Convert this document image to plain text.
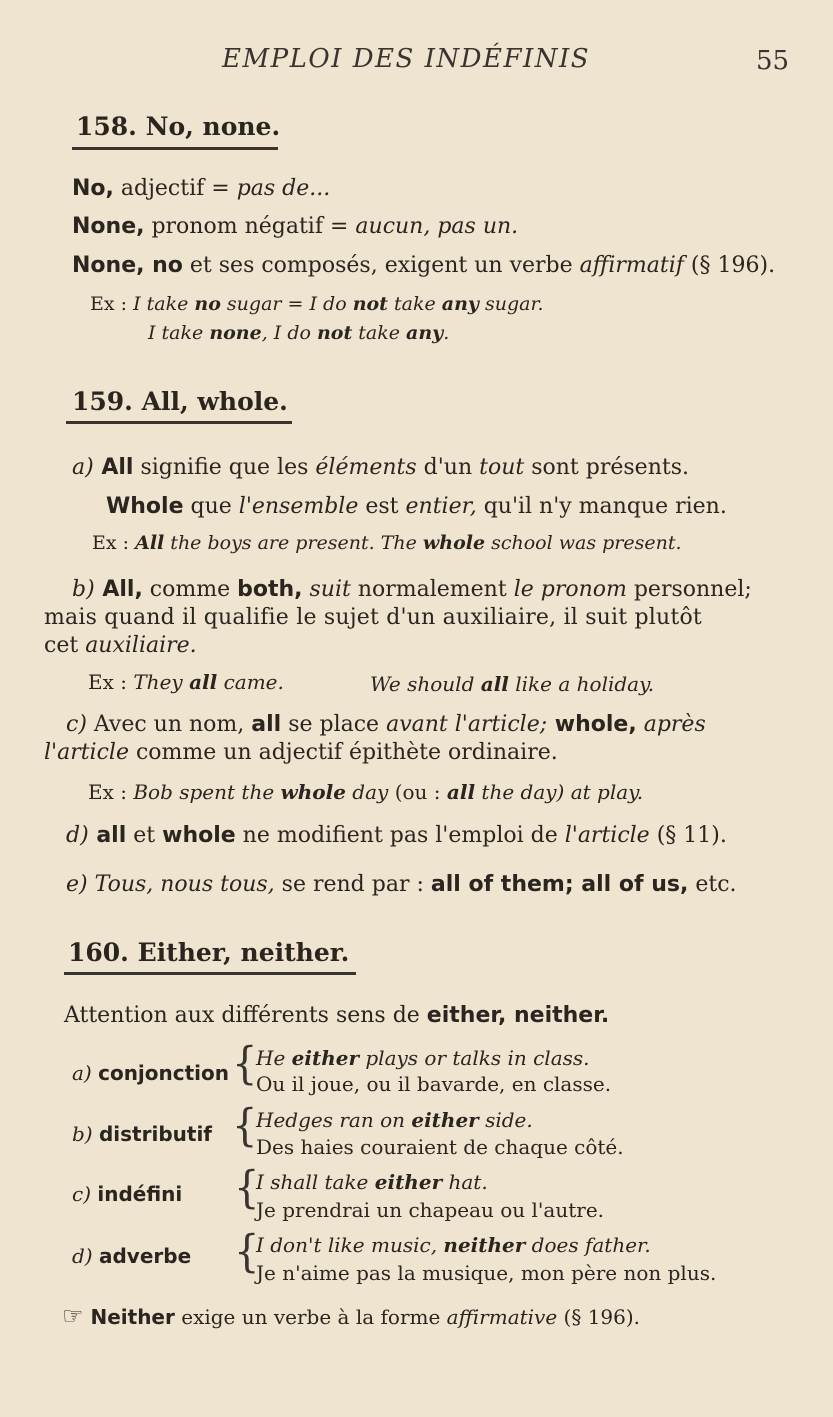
EMPLOI DES INDÉFINIS	55
158. No, none.
No, adjectif = pas de...
None, pronom négatif = aucun, pas un.
None, no et ses composés, exigent un verbe affirmatif (§ 196).
Ex : I take no sugar = I do not take any sugar.
I take none, I do not take any.
159. All, whole.
a) All signifie que les éléments d'un tout sont présents.
Whole que l'ensemble est entier, qu'il n'y manque rien.
Ex : All the boys are present. The whole school was present.
b) All, comme both, suit normalement le pronom personnel;
mais quand il qualifie le sujet d'un auxiliaire, il suit plutôt
cet auxiliaire.
Ex : They all came.	We should all like a holiday.
c) Avec un nom, all se place avant l'article; whole, après
l'article comme un adjectif épithète ordinaire.
Ex : Bob spent the whole day (ou : all the day) at play.
d) all et whole ne modifient pas l'emploi de l'article (§ 11).
e) Tous, nous tous, se rend par : all of them; all of us, etc.
160. Either, neither.
Attention aux différents sens de either, neither.
a) conjonction {
He either plays or talks in class.
Ou il joue, ou il bavarde, en classe.
b) distributif {
Hedges ran on either side.
Des haies couraient de chaque côté.
c) indéfini {
I shall take either hat.
Je prendrai un chapeau ou l'autre.
d) adverbe {
I don't like music, neither does father.
Je n'aime pas la musique, mon père non plus.
☞ Neither exige un verbe à la forme affirmative (§ 196).
